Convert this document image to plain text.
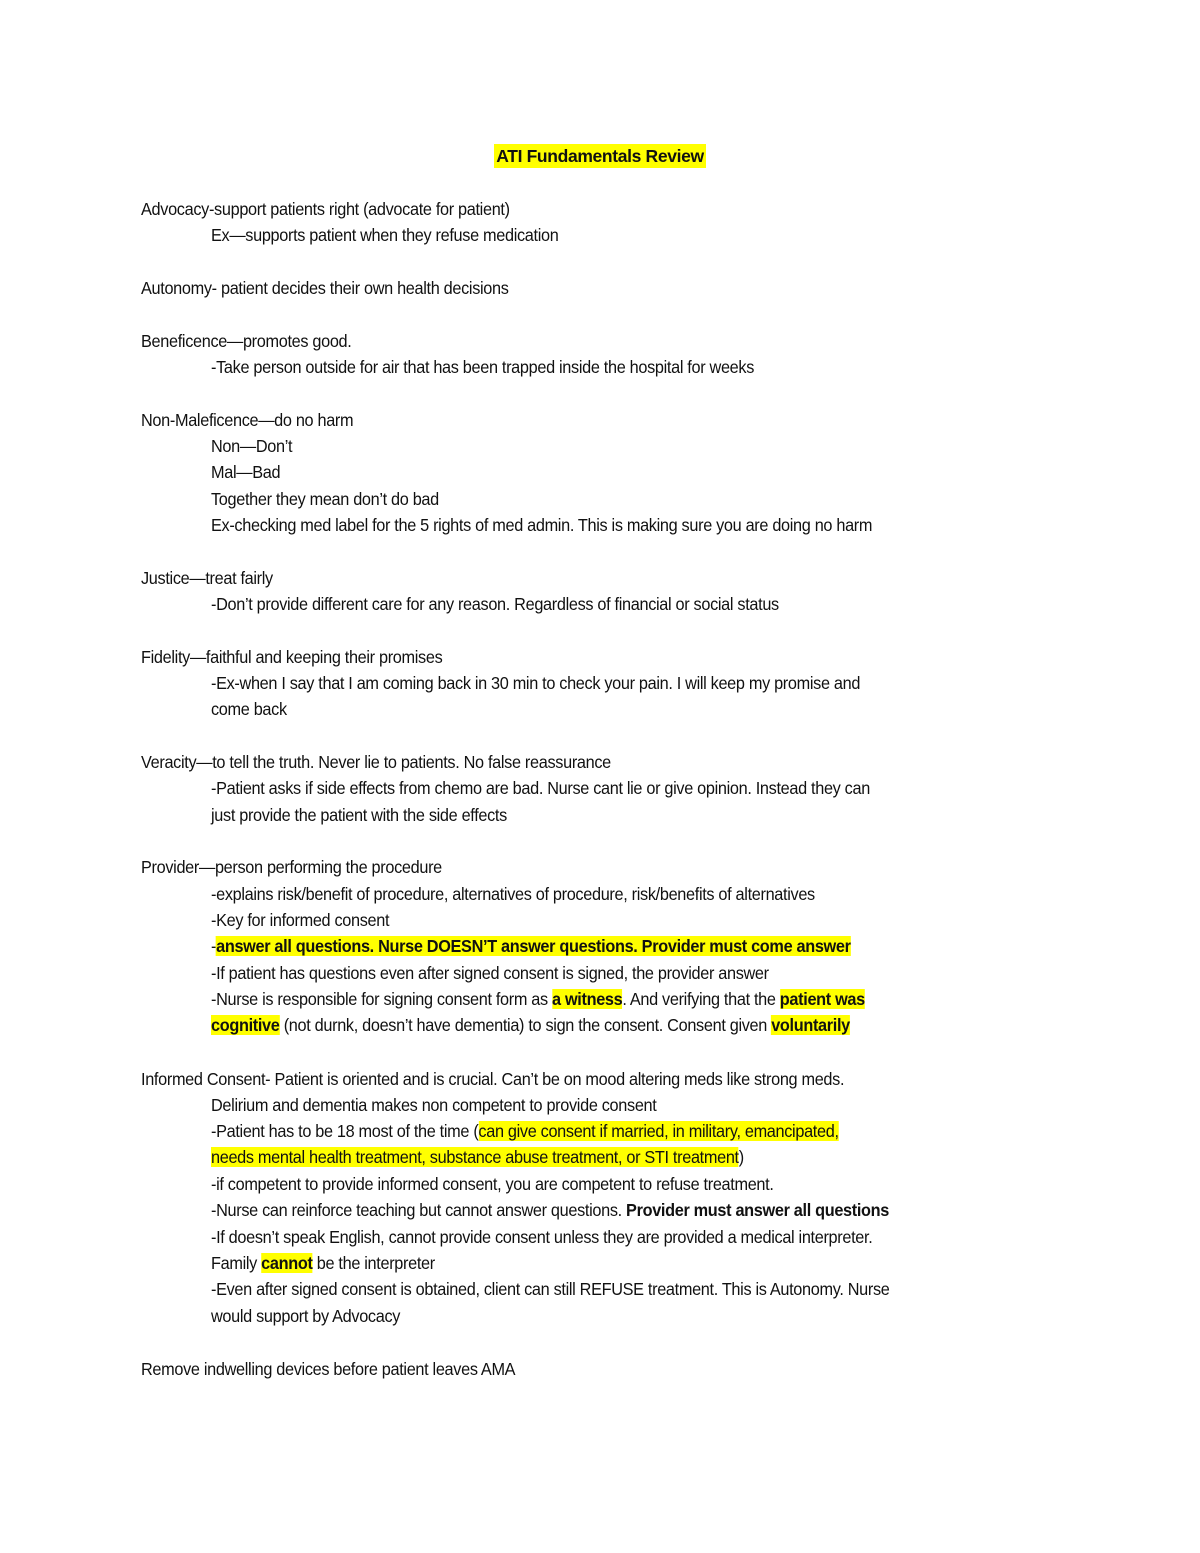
ATI Fundamentals Review
Advocacy-support patients right (advocate for patient)
Ex—supports patient when they refuse medication
Autonomy- patient decides their own health decisions
Beneficence—promotes good.
-Take person outside for air that has been trapped inside the hospital for weeks
Non-Maleficence—do no harm
Non—Don’t
Mal—Bad
Together they mean don’t do bad
Ex-checking med label for the 5 rights of med admin. This is making sure you are doing no harm
Justice—treat fairly
-Don’t provide different care for any reason. Regardless of financial or social status
Fidelity—faithful and keeping their promises
-Ex-when I say that I am coming back in 30 min to check your pain. I will keep my promise and
come back
Veracity—to tell the truth. Never lie to patients. No false reassurance
-Patient asks if side effects from chemo are bad. Nurse cant lie or give opinion. Instead they can
just provide the patient with the side effects
Provider—person performing the procedure
-explains risk/benefit of procedure, alternatives of procedure, risk/benefits of alternatives
-Key for informed consent
-answer all questions. Nurse DOESN’T answer questions. Provider must come answer
-If patient has questions even after signed consent is signed, the provider answer
-Nurse is responsible for signing consent form as a witness. And verifying that the patient was
cognitive (not durnk, doesn’t have dementia) to sign the consent. Consent given voluntarily
Informed Consent- Patient is oriented and is crucial. Can’t be on mood altering meds like strong meds.
Delirium and dementia makes non competent to provide consent
-Patient has to be 18 most of the time (can give consent if married, in military, emancipated,
needs mental health treatment, substance abuse treatment, or STI treatment)
-if competent to provide informed consent, you are competent to refuse treatment.
-Nurse can reinforce teaching but cannot answer questions. Provider must answer all questions
-If doesn’t speak English, cannot provide consent unless they are provided a medical interpreter.
Family cannot be the interpreter
-Even after signed consent is obtained, client can still REFUSE treatment. This is Autonomy. Nurse
would support by Advocacy
Remove indwelling devices before patient leaves AMA
